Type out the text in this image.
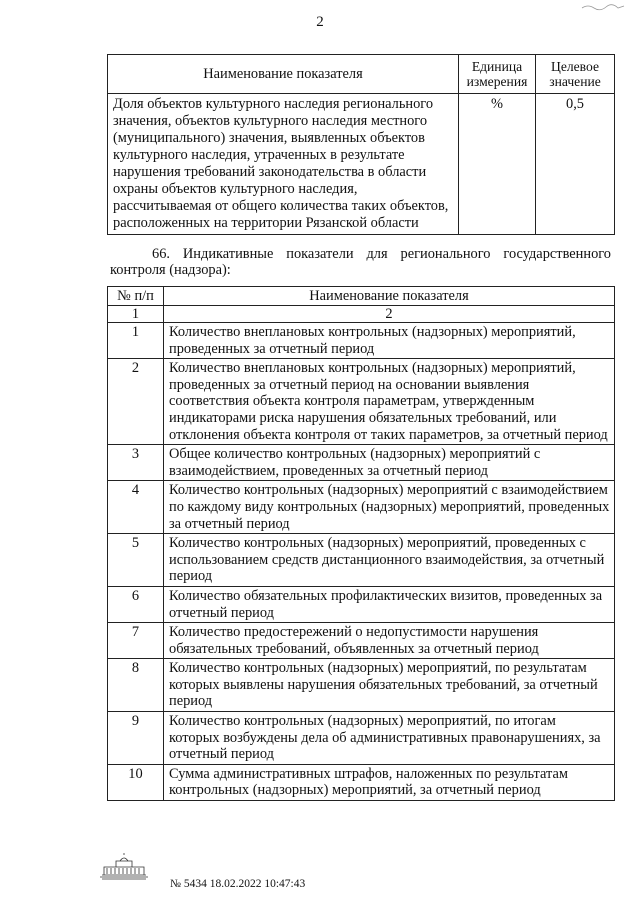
2
Наименование показателя	Единица измерения	Целевое значение
Доля объектов культурного наследия регионального значения, объектов культурного наследия местного (муниципального) значения, выявленных объектов культурного наследия, утраченных в результате нарушения требований законодательства в области охраны объектов культурного наследия, рассчитываемая от общего количества таких объектов, расположенных на территории Рязанской области	%	0,5
66. Индикативные показатели для регионального государственного контроля (надзора):
№ п/п	Наименование показателя
1	2
1	Количество внеплановых контрольных (надзорных) мероприятий, проведенных за отчетный период
2	Количество внеплановых контрольных (надзорных) мероприятий, проведенных за отчетный период на основании выявления соответствия объекта контроля параметрам, утвержденным индикаторами риска нарушения обязательных требований, или отклонения объекта контроля от таких параметров, за отчетный период
3	Общее количество контрольных (надзорных) мероприятий с взаимодействием, проведенных за отчетный период
4	Количество контрольных (надзорных) мероприятий с взаимодействием по каждому виду контрольных (надзорных) мероприятий, проведенных за отчетный период
5	Количество контрольных (надзорных) мероприятий, проведенных с использованием средств дистанционного взаимодействия, за отчетный период
6	Количество обязательных профилактических визитов, проведенных за отчетный период
7	Количество предостережений о недопустимости нарушения обязательных требований, объявленных за отчетный период
8	Количество контрольных (надзорных) мероприятий, по результатам которых выявлены нарушения обязательных требований, за отчетный период
9	Количество контрольных (надзорных) мероприятий, по итогам которых возбуждены дела об административных правонарушениях, за отчетный период
10	Сумма административных штрафов, наложенных по результатам контрольных (надзорных) мероприятий, за отчетный период
№ 5434 18.02.2022 10:47:43
